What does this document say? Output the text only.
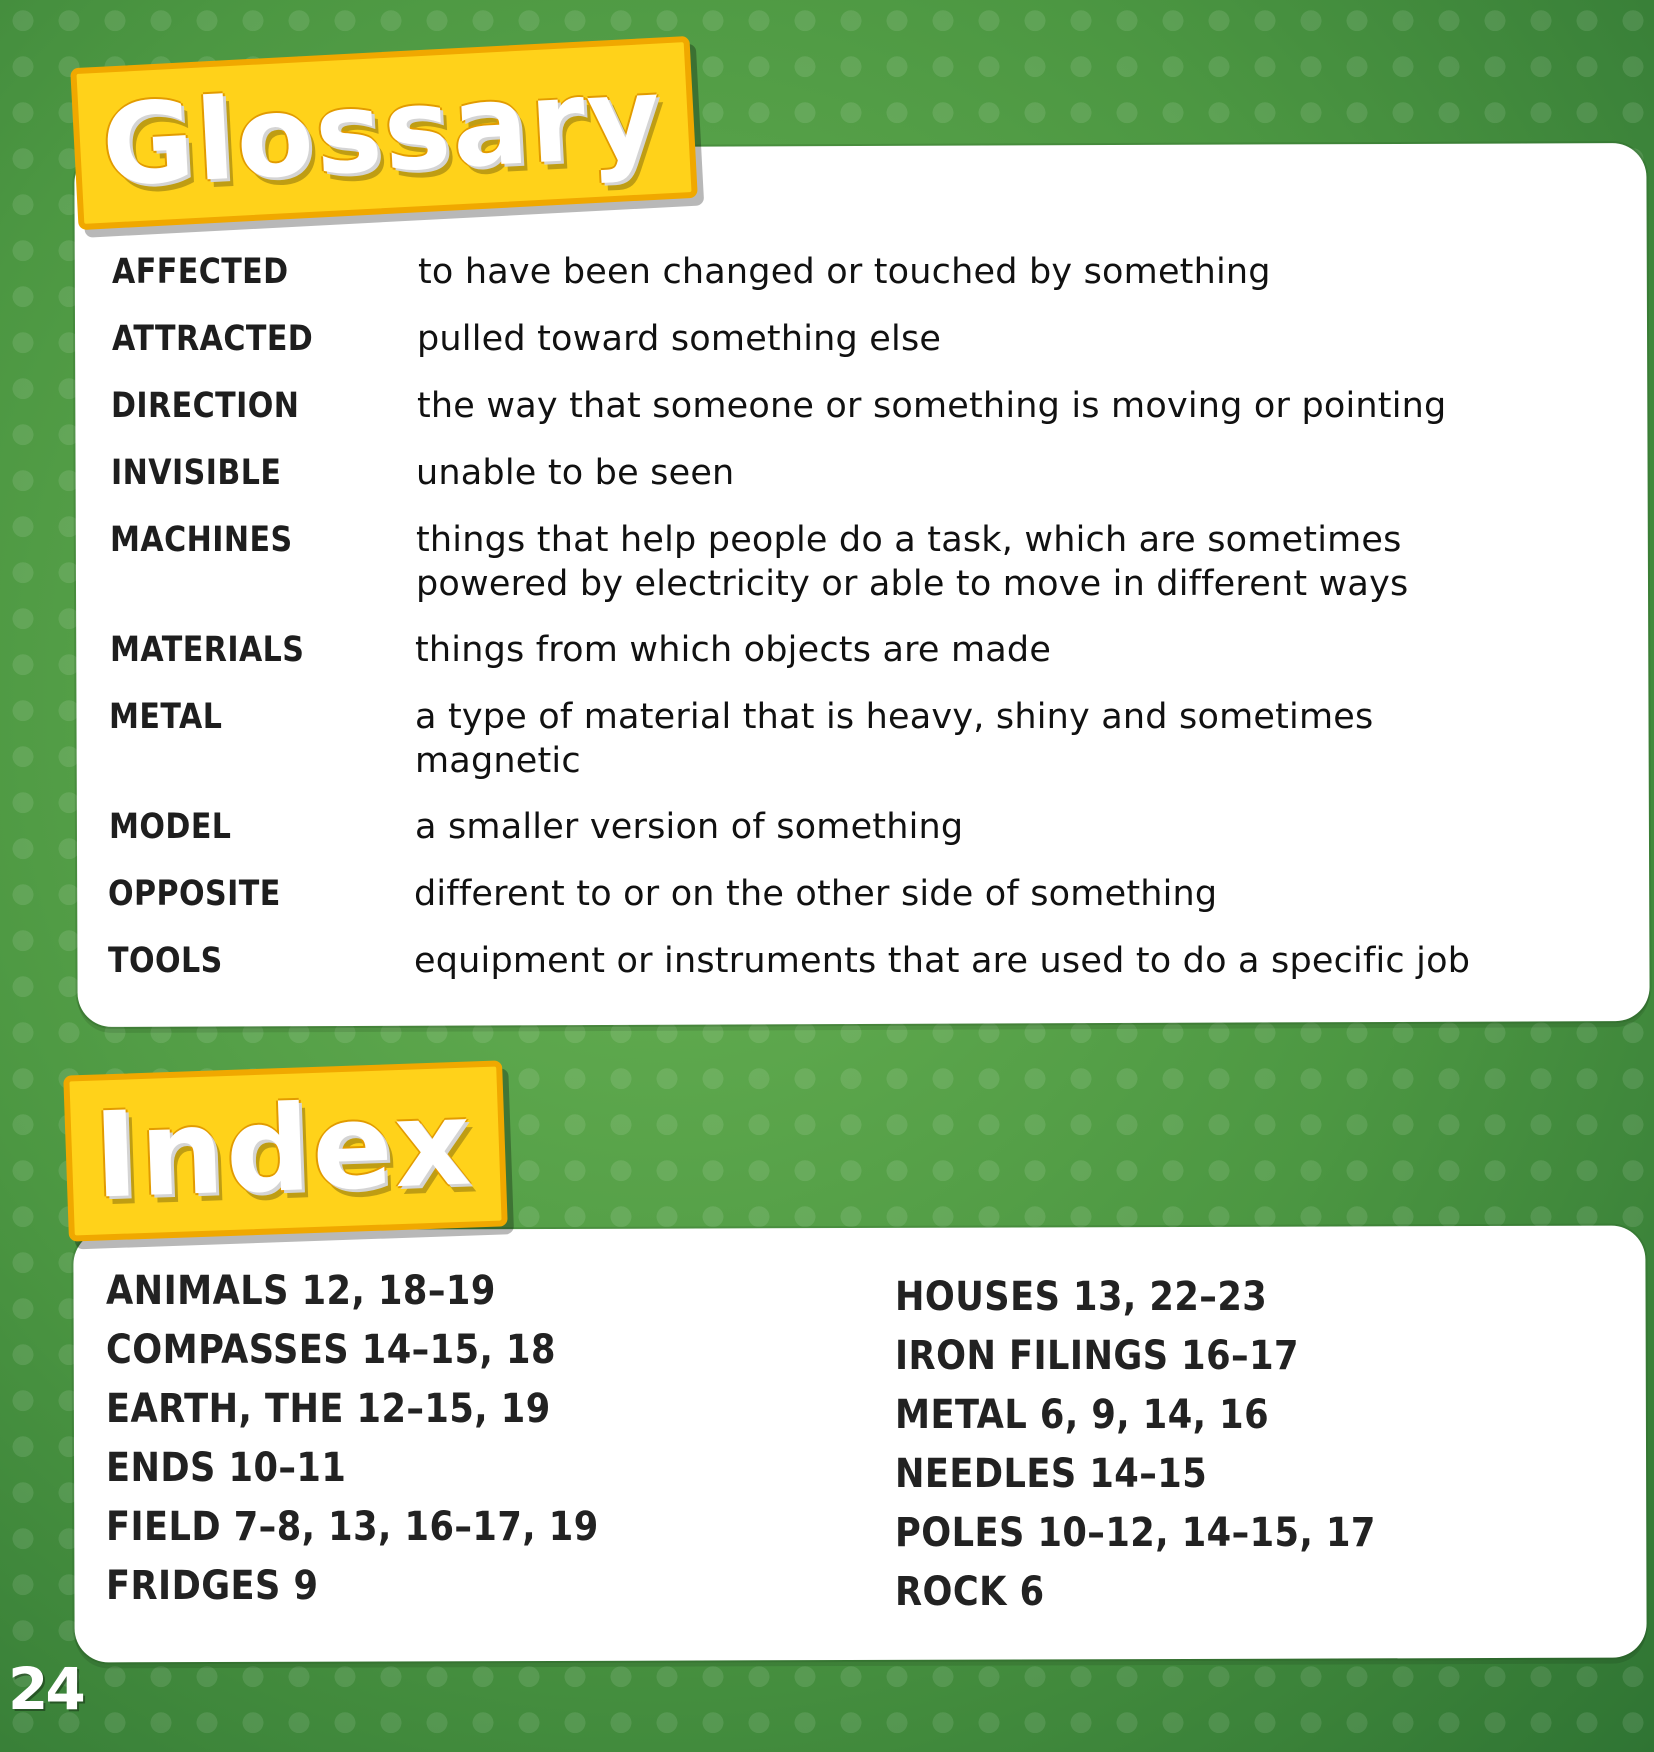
Glossary
Index
AFFECTED	to have been changed or touched by something
ATTRACTED	pulled toward something else
DIRECTION	the way that someone or something is moving or pointing
INVISIBLE	unable to be seen
MACHINES	things that help people do a task, which are sometimes
powered by electricity or able to move in different ways
MATERIALS	things from which objects are made
METAL	a type of material that is heavy, shiny and sometimes
magnetic
MODEL	a smaller version of something
OPPOSITE	different to or on the other side of something
TOOLS	equipment or instruments that are used to do a specific job
ANIMALS 12, 18–19
COMPASSES 14–15, 18
EARTH, THE 12–15, 19
ENDS 10–11
FIELD 7–8, 13, 16–17, 19
FRIDGES 9
HOUSES 13, 22–23
IRON FILINGS 16–17
METAL 6, 9, 14, 16
NEEDLES 14–15
POLES 10–12, 14–15, 17
ROCK 6
24
